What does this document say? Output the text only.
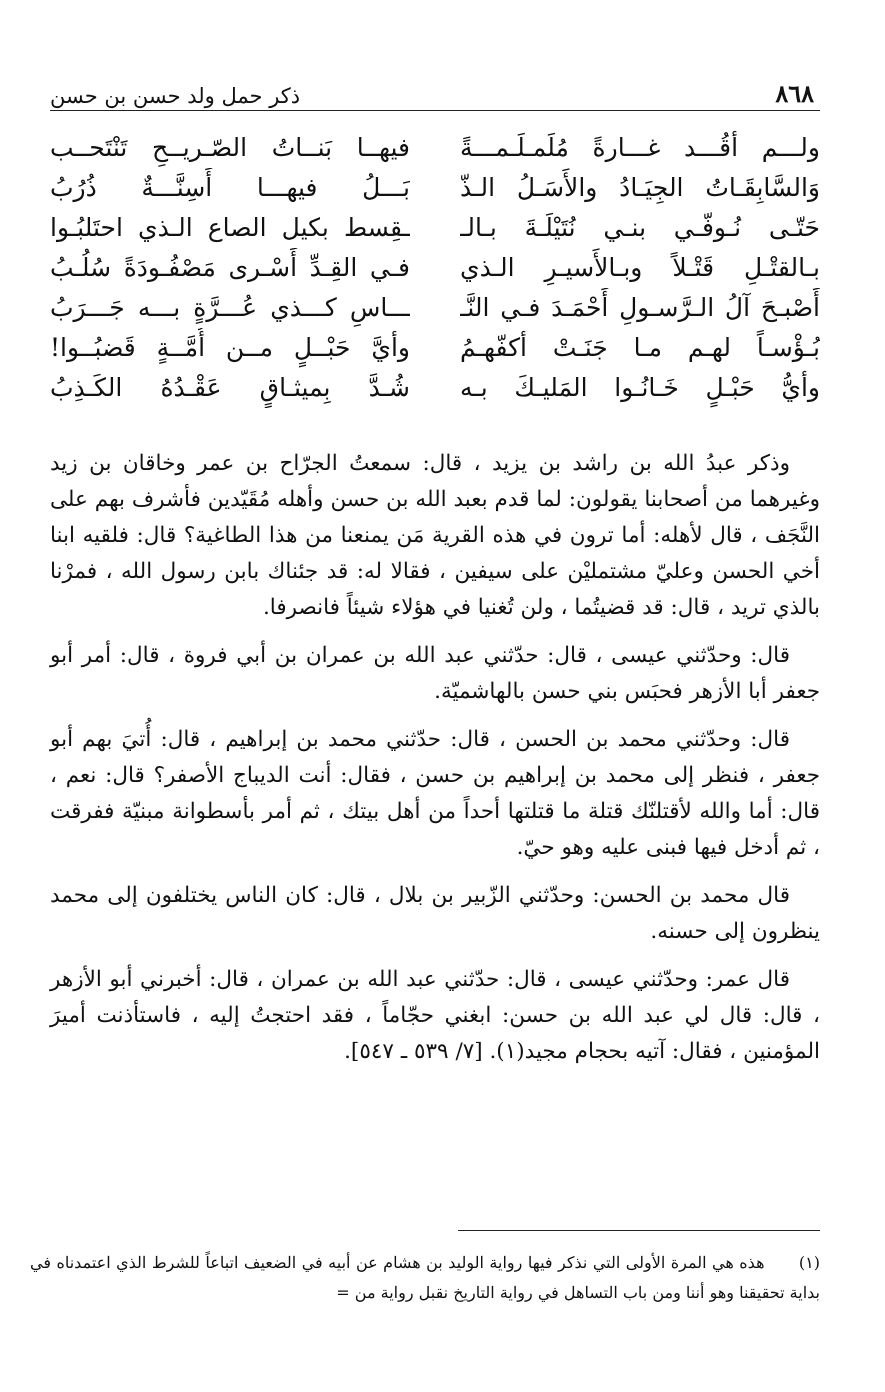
٨٦٨
ذكر حمل ولد حسن بن حسن
ولـــم أقُـــد غـــارةً مُلَمـلَـمـــةً
فيهــا بَنــاتُ الصّـريــحِ تَنْتَحــب
وَالسَّابِقَـاتُ الجِيَـادُ والأَسَـلُ الـذّ
بَـــلُ فيهـــا أَسِنَّـــةٌ ذُرُبُ
حَتّـى نُـوفّـي بنـي نُتَيْلَـةَ بـالـ
ـقِسط بكيل الصاع الـذي احتَلبُـوا
بـالقتْـلِ قَتْـلاً وبـالأَسيـرِ الـذي
فـي القِـدِّ أَسْـرى مَصْفُـودَةً سُلُـبُ
أَصْبـحَ آلُ الـرَّسـولِ أَحْمَـدَ فـي النَّـ
ـــاسِ كـــذي عُـــرَّةٍ بـــه جَـــرَبُ
بُـؤْسـاً لهـم مـا جَنَـتْ أكفّهـمُ
وأيَّ حَبْــلٍ مــن أُمَّــةٍ قَضبُــوا!
وأيُّ حَبْـلٍ خَـانُـوا المَليـكَ بـه
شُـدَّ بِميثـاقٍ عَقْـدُهُ الكَـذِبُ

وذكر عبدُ الله بن راشد بن يزيد ، قال: سمعتُ الجرّاح بن عمر وخاقان بن زيد وغيرهما من أصحابنا يقولون: لما قدم بعبد الله بن حسن وأهله مُقَيّدين فأشرف بهم على النَّجَف ، قال لأهله: أما ترون في هذه القرية مَن يمنعنا من هذا الطاغية؟ قال: فلقيه ابنا أخي الحسن وعليّ مشتمليْن على سيفين ، فقالا له: قد جئناك بابن رسول الله ، فمرْنا بالذي تريد ، قال: قد قضيتُما ، ولن تُغنيا في هؤلاء شيئاً فانصرفا.

قال: وحدّثني عيسى ، قال: حدّثني عبد الله بن عمران بن أبي فروة ، قال: أمر أبو جعفر أبا الأزهر فحبَس بني حسن بالهاشميّة.

قال: وحدّثني محمد بن الحسن ، قال: حدّثني محمد بن إبراهيم ، قال: أُتيَ بهم أبو جعفر ، فنظر إلى محمد بن إبراهيم بن حسن ، فقال: أنت الديباج الأصفر؟ قال: نعم ، قال: أما والله لأقتلنّك قتلة ما قتلتها أحداً من أهل بيتك ، ثم أمر بأسطوانة مبنيّة ففرقت ، ثم أدخل فيها فبنى عليه وهو حيّ.

قال محمد بن الحسن: وحدّثني الزّبير بن بلال ، قال: كان الناس يختلفون إلى محمد ينظرون إلى حسنه.

قال عمر: وحدّثني عيسى ، قال: حدّثني عبد الله بن عمران ، قال: أخبرني أبو الأزهر ، قال: قال لي عبد الله بن حسن: ابغني حجّاماً ، فقد احتجتُ إليه ، فاستأذنت أميرَ المؤمنين ، فقال: آتيه بحجام مجيد(١). [٧/ ٥٣٩ ـ ٥٤٧].

(١) هذه هي المرة الأولى التي نذكر فيها رواية الوليد بن هشام عن أبيه في الضعيف اتباعاً للشرط الذي اعتمدناه في بداية تحقيقنا وهو أننا ومن باب التساهل في رواية التاريخ نقبل رواية من =
